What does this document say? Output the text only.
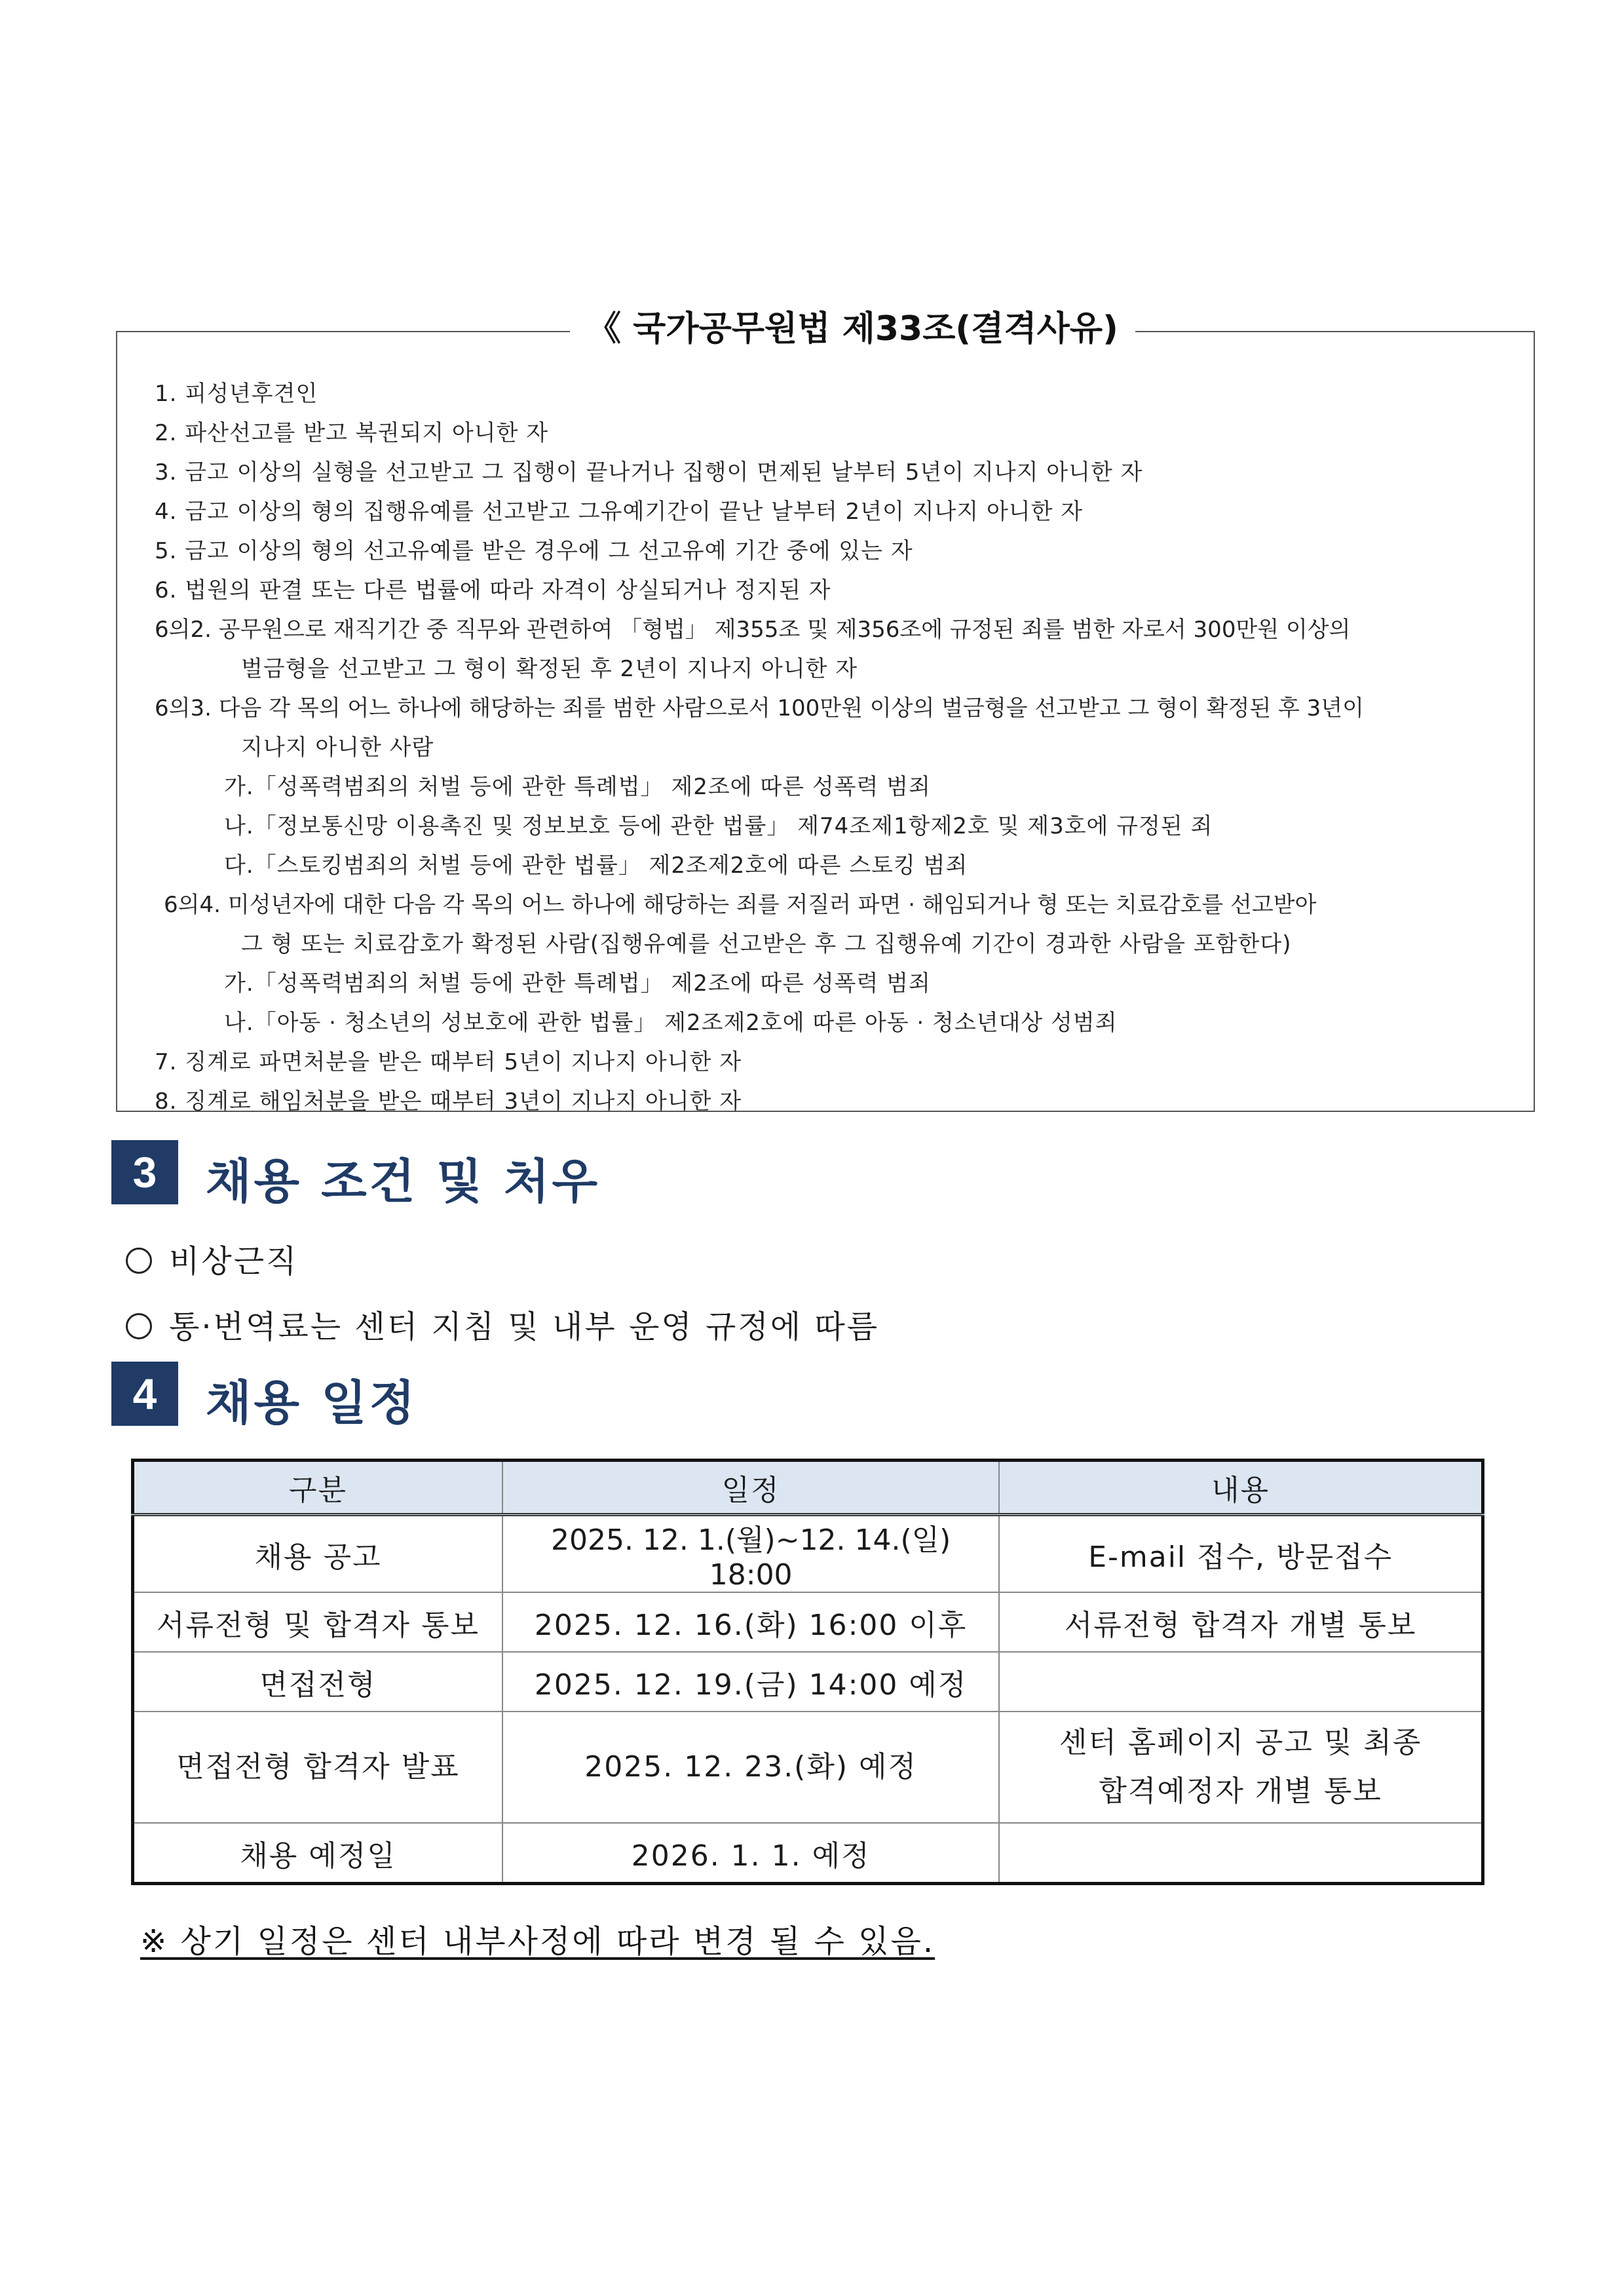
《 국가공무원법 제33조(결격사유)
1. 피성년후견인
2. 파산선고를 받고 복권되지 아니한 자
3. 금고 이상의 실형을 선고받고 그 집행이 끝나거나 집행이 면제된 날부터 5년이 지나지 아니한 자
4. 금고 이상의 형의 집행유예를 선고받고 그유예기간이 끝난 날부터 2년이 지나지 아니한 자
5. 금고 이상의 형의 선고유예를 받은 경우에 그 선고유예 기간 중에 있는 자
6. 법원의 판결 또는 다른 법률에 따라 자격이 상실되거나 정지된 자
6의2. 공무원으로 재직기간 중 직무와 관련하여 「형법」 제355조 및 제356조에 규정된 죄를 범한 자로서 300만원 이상의
벌금형을 선고받고 그 형이 확정된 후 2년이 지나지 아니한 자
6의3. 다음 각 목의 어느 하나에 해당하는 죄를 범한 사람으로서 100만원 이상의 벌금형을 선고받고 그 형이 확정된 후 3년이
지나지 아니한 사람
가.「성폭력범죄의 처벌 등에 관한 특례법」 제2조에 따른 성폭력 범죄
나.「정보통신망 이용촉진 및 정보보호 등에 관한 법률」 제74조제1항제2호 및 제3호에 규정된 죄
다.「스토킹범죄의 처벌 등에 관한 법률」 제2조제2호에 따른 스토킹 범죄
6의4. 미성년자에 대한 다음 각 목의 어느 하나에 해당하는 죄를 저질러 파면 · 해임되거나 형 또는 치료감호를 선고받아
그 형 또는 치료감호가 확정된 사람(집행유예를 선고받은 후 그 집행유예 기간이 경과한 사람을 포함한다)
가.「성폭력범죄의 처벌 등에 관한 특례법」 제2조에 따른 성폭력 범죄
나.「아동 · 청소년의 성보호에 관한 법률」 제2조제2호에 따른 아동 · 청소년대상 성범죄
7. 징계로 파면처분을 받은 때부터 5년이 지나지 아니한 자
8. 징계로 해임처분을 받은 때부터 3년이 지나지 아니한 자
3	채용 조건 및 처우
비상근직
통·번역료는 센터 지침 및 내부 운영 규정에 따름
4	채용 일정
구분	일정	내용
채용 공고	2025. 12. 1.(월)~12. 14.(일) 18:00	E-mail 접수, 방문접수
서류전형 및 합격자 통보	2025. 12. 16.(화) 16:00 이후	서류전형 합격자 개별 통보
면접전형	2025. 12. 19.(금) 14:00 예정	
면접전형 합격자 발표	2025. 12. 23.(화) 예정	센터 홈페이지 공고 및 최종
합격예정자 개별 통보

채용 예정일	2026. 1. 1. 예정	
※ 상기 일정은 센터 내부사정에 따라 변경 될 수 있음.
